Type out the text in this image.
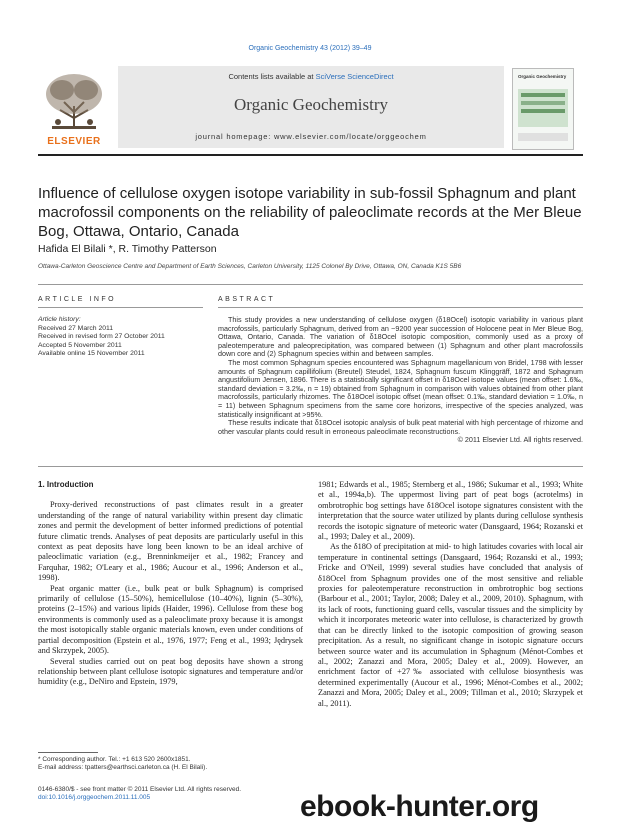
Organic Geochemistry 43 (2012) 39–49
ELSEVIER
Contents lists available at SciVerse ScienceDirect
Organic Geochemistry
journal homepage: www.elsevier.com/locate/orggeochem
Organic Geochemistry
Influence of cellulose oxygen isotope variability in sub-fossil Sphagnum and plant macrofossil components on the reliability of paleoclimate records at the Mer Bleue Bog, Ottawa, Ontario, Canada
Hafida El Bilali *, R. Timothy Patterson
Ottawa-Carleton Geoscience Centre and Department of Earth Sciences, Carleton University, 1125 Colonel By Drive, Ottawa, ON, Canada K1S 5B6
ARTICLE INFO
Article history:
Received 27 March 2011
Received in revised form 27 October 2011
Accepted 5 November 2011
Available online 15 November 2011
ABSTRACT

This study provides a new understanding of cellulose oxygen (δ18Ocel) isotopic variability in various plant macrofossils, particularly Sphagnum, derived from an ~9200 year succession of Holocene peat in Mer Bleue Bog, Ottawa, Ontario, Canada. The variation of δ18Ocel isotopic composition, commonly used as a proxy of paleotemperature and paleoprecipitation, was compared between (1) Sphagnum and other plant macrofossils down core and (2) Sphagnum species within and between samples.

The most common Sphagnum species encountered was Sphagnum magellanicum von Bridel, 1798 with lesser amounts of Sphagnum capillifolium (Breutel) Steudel, 1824, Sphagnum fuscum Klinggräff, 1872 and Sphagnum angustifolium Jensen, 1896. There is a statistically significant offset in δ18Ocel isotope values (mean offset: 1.6‰, standard deviation = 3.2‰, n = 19) obtained from Sphagnum in comparison with values obtained from other plant macrofossils, particularly rhizomes. The δ18Ocel isotopic offset (mean offset: 0.1‰, standard deviation = 1.0‰, n = 11) between Sphagnum specimens from the same core horizons, irrespective of the species analyzed, was statistically insignificant at >95%.

These results indicate that δ18Ocel isotopic analysis of bulk peat material with high percentage of rhizome and other vascular plants could result in erroneous paleoclimate reconstructions.

© 2011 Elsevier Ltd. All rights reserved.

1. Introduction

Proxy-derived reconstructions of past climates result in a greater understanding of the range of natural variability within present day climatic zones and permit the development of better informed predictions of potential future climatic trends. Analyses of peat deposits are particularly useful in this context as peat deposits have long been known to be an ideal archive of paleoclimatic variation (e.g., Brenninkmeijer et al., 1982; Francey and Farquhar, 1982; O'Leary et al., 1986; Aucour et al., 1996; Anderson et al., 1998).

Peat organic matter (i.e., bulk peat or bulk Sphagnum) is comprised primarily of cellulose (15–50%), hemicellulose (10–40%), lignin (5–30%), proteins (2–15%) and various lipids (Haider, 1996). Cellulose from these bog environments is commonly used as a paleoclimate proxy because it is amongst the most isotopically stable organic materials known, even under conditions of partial decomposition (Epstein et al., 1976, 1977; Feng et al., 1993; Jędrysek and Skrzypek, 2005).

Several studies carried out on peat bog deposits have shown a strong relationship between plant cellulose isotopic signatures and temperature and/or humidity (e.g., DeNiro and Epstein, 1979,

1981; Edwards et al., 1985; Sternberg et al., 1986; Sukumar et al., 1993; White et al., 1994a,b). The uppermost living part of peat bogs (acrotelms) in ombrotrophic bog settings have δ18Ocel isotope signatures consistent with the interpretation that the source water utilized by plants during cellulose synthesis records the isotopic signature of meteoric water (Dansgaard, 1964; Rozanski et al., 1993; Daley et al., 2009).

As the δ18O of precipitation at mid- to high latitudes covaries with local air temperature in continental settings (Dansgaard, 1964; Rozanski et al., 1993; Fricke and O'Neil, 1999) several studies have concluded that analysis of δ18Ocel from Sphagnum provides one of the most sensitive and reliable proxies for paleotemperature reconstruction in ombrotrophic bog sections (Barbour et al., 2001; Taylor, 2008; Daley et al., 2009, 2010). Sphagnum, with its lack of roots, functioning guard cells, vascular tissues and the simplicity by which it incorporates meteoric water into cellulose, is characterized by growth that can be directly linked to the isotopic composition of growing season precipitation. As a result, no significant change in isotopic signature occurs between source water and its accumulation in Sphagnum (Ménot-Combes et al., 2002; Zanazzi and Mora, 2005; Daley et al., 2009). However, an enrichment factor of +27‰ associated with cellulose biosynthesis was determined experimentally (Aucour et al., 1996; Ménot-Combes et al., 2002; Zanazzi and Mora, 2005; Daley et al., 2009; Tillman et al., 2010; Skrzypek et al., 2011).

* Corresponding author. Tel.: +1 613 520 2600x1851.
E-mail address: tpatters@earthsci.carleton.ca (H. El Bilali).
0146-6380/$ - see front matter © 2011 Elsevier Ltd. All rights reserved.
doi:10.1016/j.orggeochem.2011.11.005	ebook-hunter.org
